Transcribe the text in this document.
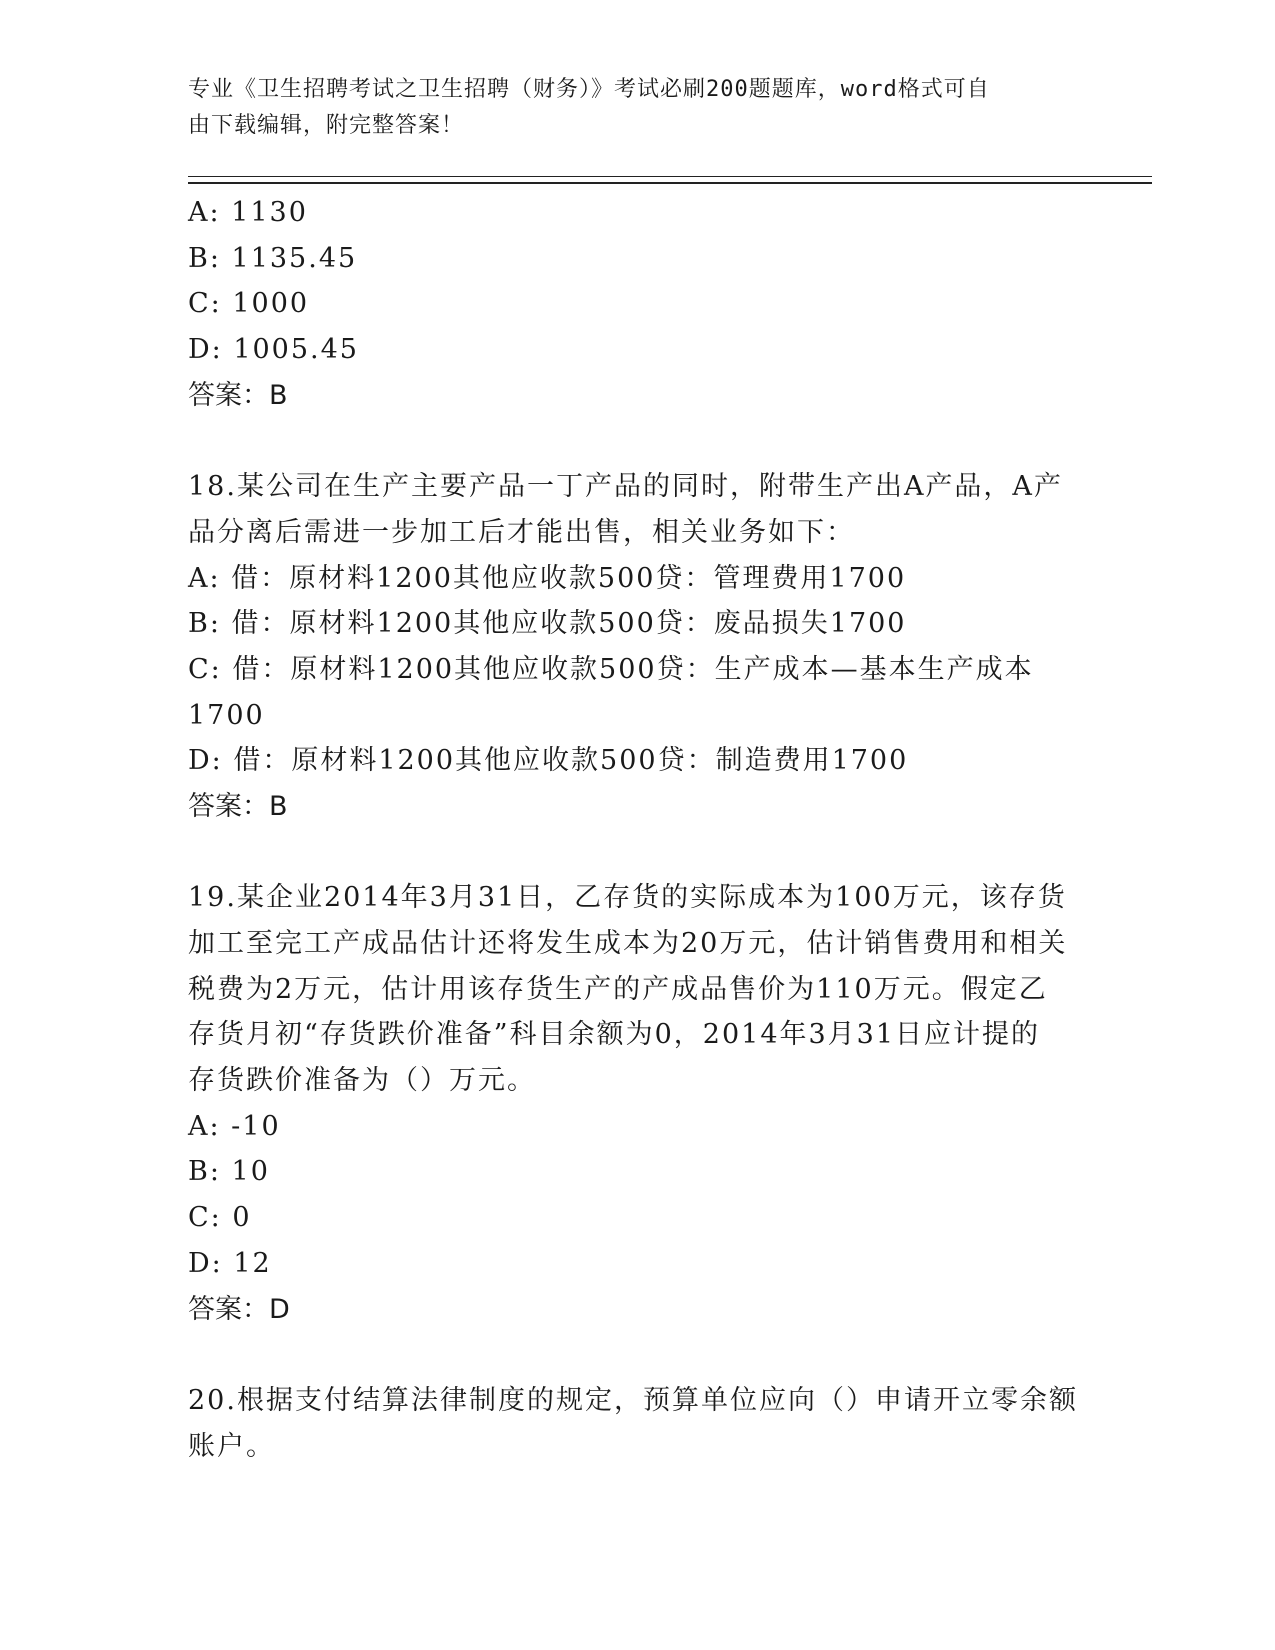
专业《卫生招聘考试之卫生招聘（财务）》考试必刷200题题库，word格式可自
由下载编辑，附完整答案！
A: 1130
B: 1135.45
C: 1000
D: 1005.45
答案：B
18.某公司在生产主要产品一丁产品的同时，附带生产出A产品，A产
品分离后需进一步加工后才能出售，相关业务如下：
A: 借：原材料1200其他应收款500贷：管理费用1700
B: 借：原材料1200其他应收款500贷：废品损失1700
C: 借：原材料1200其他应收款500贷：生产成本—基本生产成本
1700
D: 借：原材料1200其他应收款500贷：制造费用1700
答案：B
19.某企业2014年3月31日，乙存货的实际成本为100万元，该存货
加工至完工产成品估计还将发生成本为20万元，估计销售费用和相关
税费为2万元，估计用该存货生产的产成品售价为110万元。假定乙
存货月初“存货跌价准备”科目余额为0，2014年3月31日应计提的
存货跌价准备为（）万元。
A: -10
B: 10
C: 0
D: 12
答案：D
20.根据支付结算法律制度的规定，预算单位应向（）申请开立零余额
账户。
